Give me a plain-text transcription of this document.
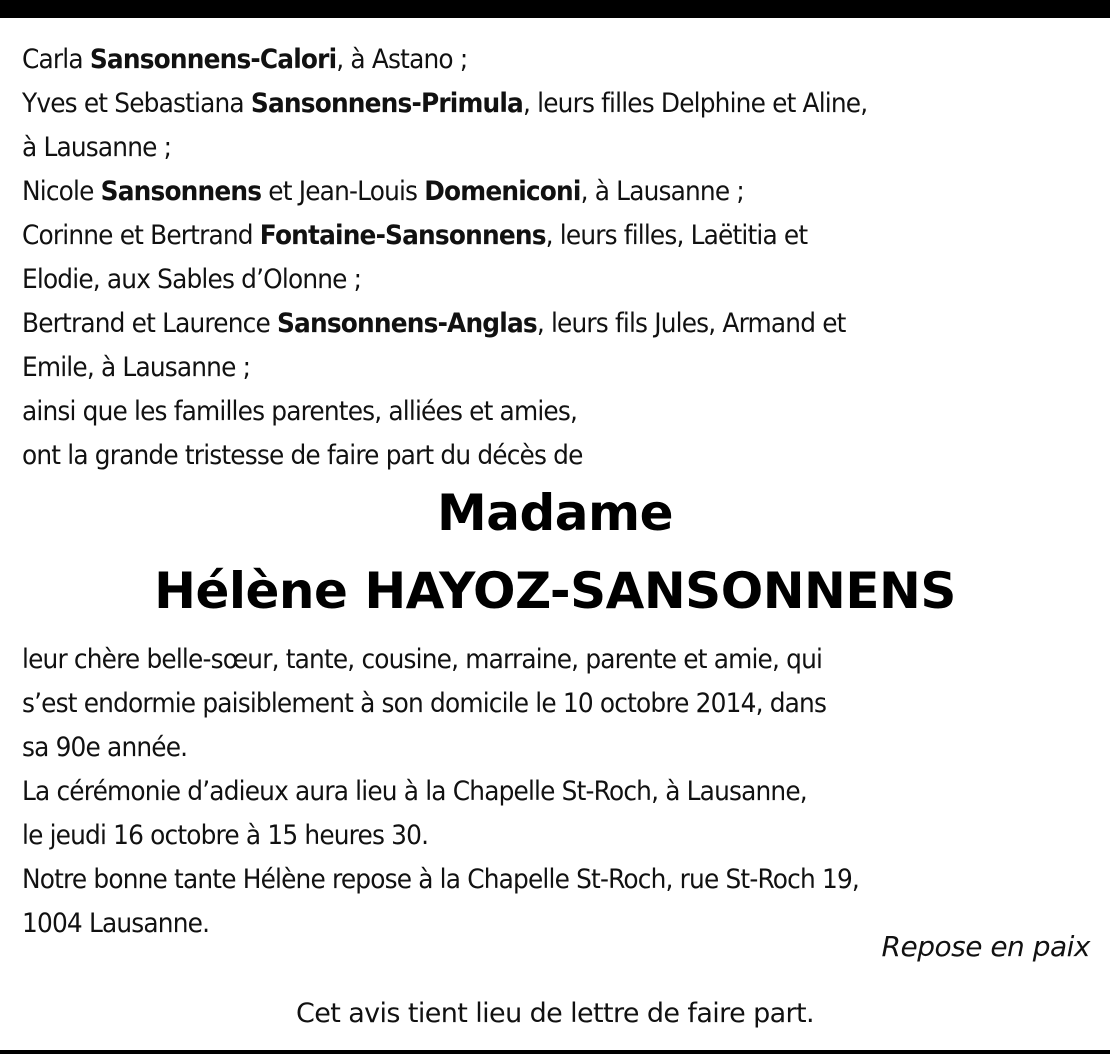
Carla Sansonnens-Calori, à Astano ;
Yves et Sebastiana Sansonnens-Primula, leurs filles Delphine et Aline,
à Lausanne ;
Nicole Sansonnens et Jean-Louis Domeniconi, à Lausanne ;
Corinne et Bertrand Fontaine-Sansonnens, leurs filles, Laëtitia et
Elodie, aux Sables d’Olonne ;
Bertrand et Laurence Sansonnens-Anglas, leurs fils Jules, Armand et
Emile, à Lausanne ;
ainsi que les familles parentes, alliées et amies,
ont la grande tristesse de faire part du décès de
Madame
Hélène HAYOZ-SANSONNENS
leur chère belle-sœur, tante, cousine, marraine, parente et amie, qui
s’est endormie paisiblement à son domicile le 10 octobre 2014, dans
sa 90e année.
La cérémonie d’adieux aura lieu à la Chapelle St-Roch, à Lausanne,
le jeudi 16 octobre à 15 heures 30.
Notre bonne tante Hélène repose à la Chapelle St-Roch, rue St-Roch 19,
1004 Lausanne.
Repose en paix
Cet avis tient lieu de lettre de faire part.
